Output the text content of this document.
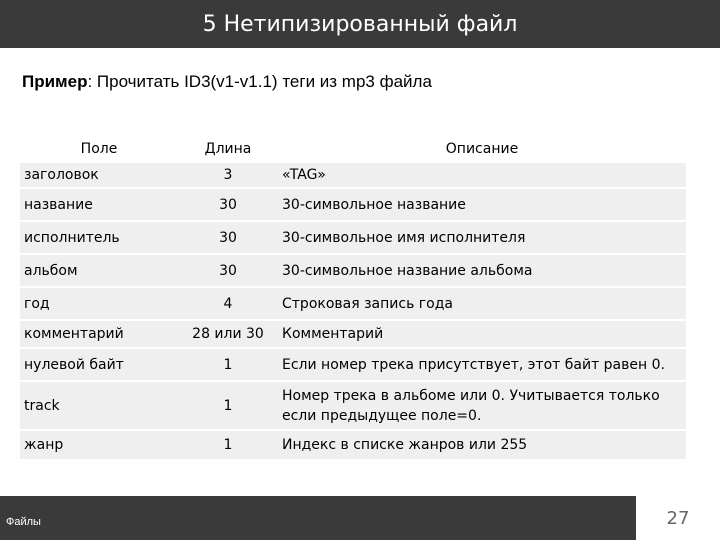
5 Нетипизированный файл
Пример: Прочитать ID3(v1-v1.1) теги из mp3 файла
Поле	Длина	Описание
заголовок	3	«TAG»
название	30	30-символьное название
исполнитель	30	30-символьное имя исполнителя
альбом	30	30-символьное название альбома
год	4	Строковая запись года
комментарий	28 или 30	Комментарий
нулевой байт	1	Если номер трека присутствует, этот байт равен 0.
track	1	Номер трека в альбоме или 0. Учитывается только если предыдущее поле=0.
жанр	1	Индекс в списке жанров или 255
Файлы	27
